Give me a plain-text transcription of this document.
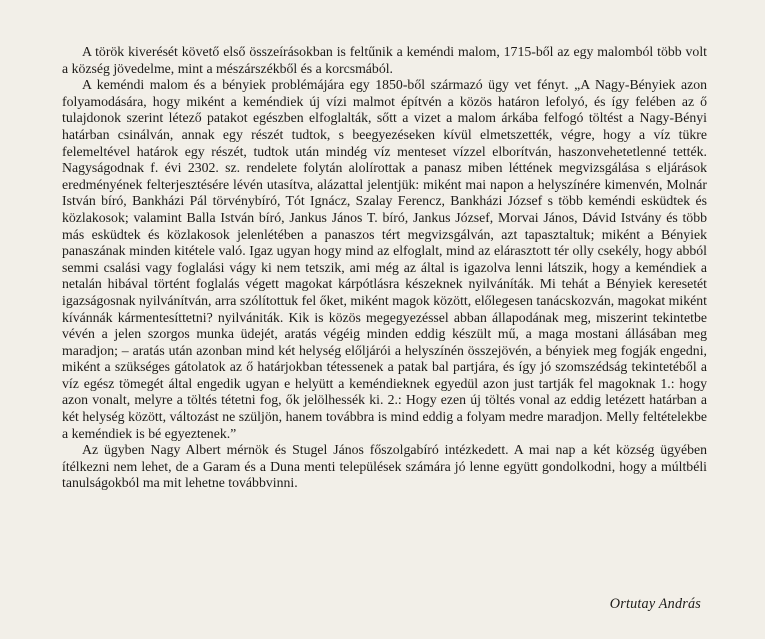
A török kiverését követő első összeírásokban is feltűnik a keméndi malom, 1715-ből az egy malomból több volt a község jövedelme, mint a mészárszékből és a korcsmából.

A keméndi malom és a bényiek problémájára egy 1850-ből származó ügy vet fényt. „A Nagy-Bényiek azon folyamodására, hogy miként a keméndiek új vízi malmot építvén a közös határon lefolyó, és így felében az ő tulajdonok szerint létező patakot egészben elfoglalták, sőtt a vizet a malom árkába felfogó töltést a Nagy-Bényi határban csinálván, annak egy részét tudtok, s beegyezéseken kívül elmetszették, végre, hogy a víz tükre felemeltével határok egy részét, tudtok után mindég víz menteset vízzel elborítván, haszonvehetetlenné tették. Nagyságodnak f. évi 2302. sz. rendelete folytán alolírottak a panasz miben léttének megvizsgálása s eljárások eredményének felterjesztésére lévén utasítva, alázattal jelentjük: miként mai napon a helyszínére kimenvén, Molnár István bíró, Bankházi Pál törvénybíró, Tót Ignácz, Szalay Ferencz, Bankházi József s több keméndi esküdtek és közlakosok; valamint Balla István bíró, Jankus János T. bíró, Jankus József, Morvai János, Dávid Istvány és több más esküdtek és közlakosok jelenlétében a panaszos tért megvizsgálván, azt tapasztaltuk; miként a Bényiek panaszának minden kitétele való. Igaz ugyan hogy mind az elfoglalt, mind az elárasztott tér olly csekély, hogy abból semmi csalási vagy foglalási vágy ki nem tetszik, ami még az által is igazolva lenni látszik, hogy a keméndiek a netalán hibával történt foglalás végett magokat kárpótlásra készeknek nyilváníták. Mi tehát a Bényiek keresetét igazságosnak nyilvánítván, arra szólítottuk fel őket, miként magok között, előlegesen tanácskozván, magokat miként kívánnák kármentesíttetni? nyilvániták. Kik is közös megegyezéssel abban állapodának meg, miszerint tekintetbe vévén a jelen szorgos munka üdejét, aratás végéig minden eddig készült mű, a maga mostani állásában meg maradjon; – aratás után azonban mind két helység előljárói a helyszínén összejövén, a bényiek meg fogják engedni, miként a szükséges gátolatok az ő határjokban tétessenek a patak bal partjára, és így jó szomszédság tekintetéből a víz egész tömegét által engedik ugyan e helyütt a keméndieknek egyedül azon just tartják fel magoknak 1.: hogy azon vonalt, melyre a töltés tétetni fog, ők jelölhessék ki. 2.: Hogy ezen új töltés vonal az eddig letézett határban a két helység között, változást ne szüljön, hanem továbbra is mind eddig a folyam medre maradjon. Melly feltételekbe a keméndiek is bé egyeztenek.”

Az ügyben Nagy Albert mérnök és Stugel János főszolgabíró intézkedett. A mai nap a két község ügyében ítélkezni nem lehet, de a Garam és a Duna menti települések számára jó lenne együtt gondolkodni, hogy a múltbéli tanulságokból ma mit lehetne továbbvinni.

Ortutay András
